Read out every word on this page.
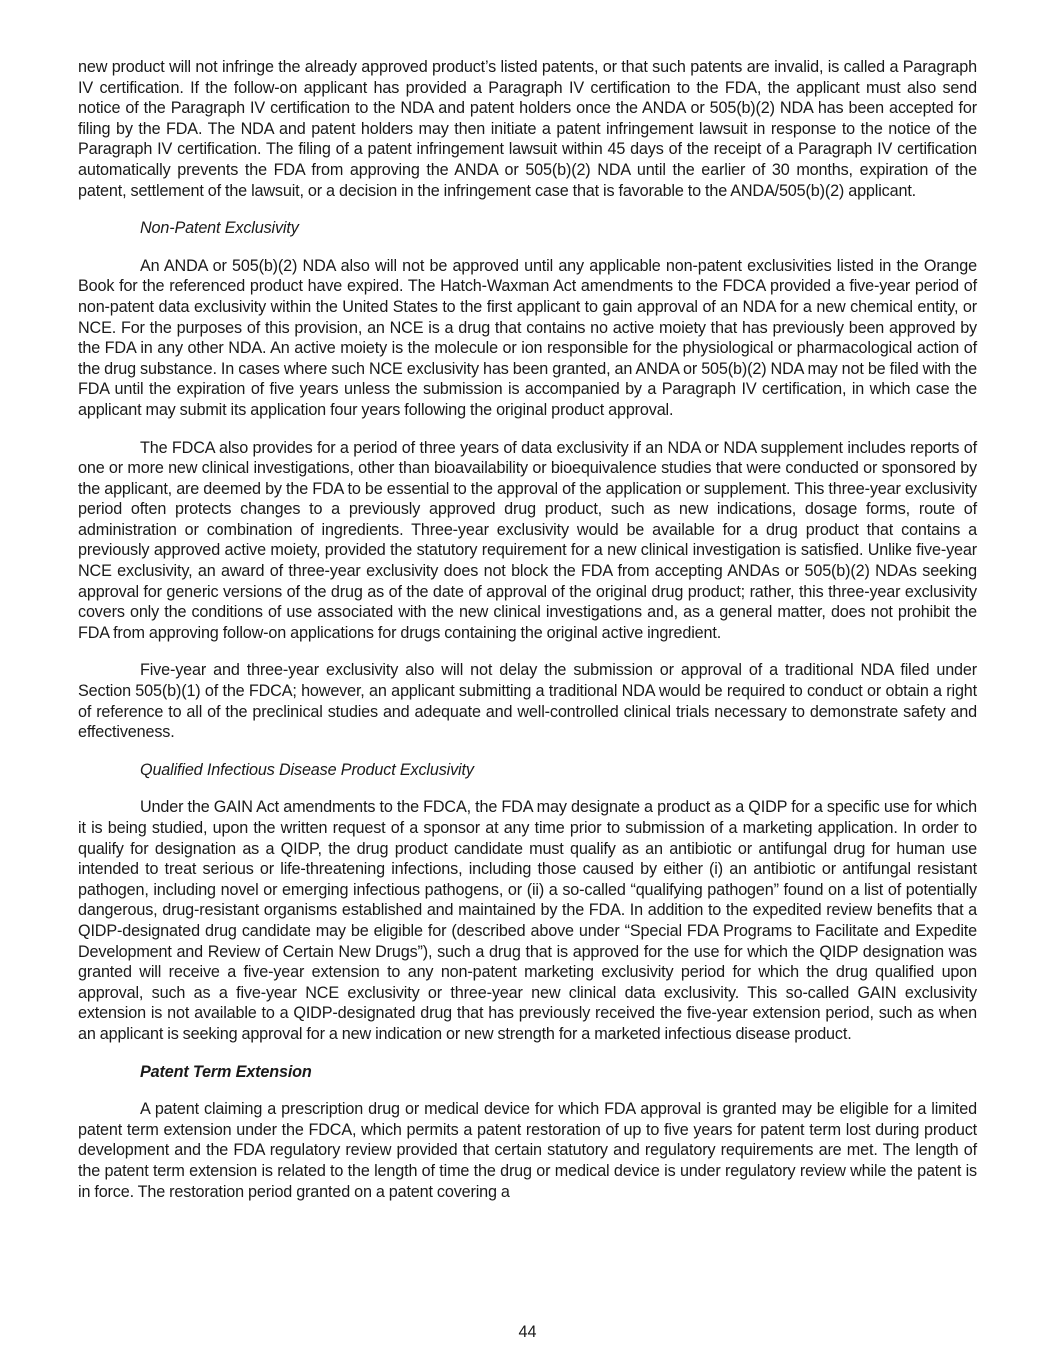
new product will not infringe the already approved product’s listed patents, or that such patents are invalid, is called a Paragraph IV certification. If the follow-on applicant has provided a Paragraph IV certification to the FDA, the applicant must also send notice of the Paragraph IV certification to the NDA and patent holders once the ANDA or 505(b)(2) NDA has been accepted for filing by the FDA. The NDA and patent holders may then initiate a patent infringement lawsuit in response to the notice of the Paragraph IV certification. The filing of a patent infringement lawsuit within 45 days of the receipt of a Paragraph IV certification automatically prevents the FDA from approving the ANDA or 505(b)(2) NDA until the earlier of 30 months, expiration of the patent, settlement of the lawsuit, or a decision in the infringement case that is favorable to the ANDA/505(b)(2) applicant.

Non-Patent Exclusivity

An ANDA or 505(b)(2) NDA also will not be approved until any applicable non-patent exclusivities listed in the Orange Book for the referenced product have expired. The Hatch-Waxman Act amendments to the FDCA provided a five-year period of non-patent data exclusivity within the United States to the first applicant to gain approval of an NDA for a new chemical entity, or NCE. For the purposes of this provision, an NCE is a drug that contains no active moiety that has previously been approved by the FDA in any other NDA. An active moiety is the molecule or ion responsible for the physiological or pharmacological action of the drug substance. In cases where such NCE exclusivity has been granted, an ANDA or 505(b)(2) NDA may not be filed with the FDA until the expiration of five years unless the submission is accompanied by a Paragraph IV certification, in which case the applicant may submit its application four years following the original product approval.

The FDCA also provides for a period of three years of data exclusivity if an NDA or NDA supplement includes reports of one or more new clinical investigations, other than bioavailability or bioequivalence studies that were conducted or sponsored by the applicant, are deemed by the FDA to be essential to the approval of the application or supplement. This three-year exclusivity period often protects changes to a previously approved drug product, such as new indications, dosage forms, route of administration or combination of ingredients. Three-year exclusivity would be available for a drug product that contains a previously approved active moiety, provided the statutory requirement for a new clinical investigation is satisfied. Unlike five-year NCE exclusivity, an award of three-year exclusivity does not block the FDA from accepting ANDAs or 505(b)(2) NDAs seeking approval for generic versions of the drug as of the date of approval of the original drug product; rather, this three-year exclusivity covers only the conditions of use associated with the new clinical investigations and, as a general matter, does not prohibit the FDA from approving follow-on applications for drugs containing the original active ingredient.

Five-year and three-year exclusivity also will not delay the submission or approval of a traditional NDA filed under Section 505(b)(1) of the FDCA; however, an applicant submitting a traditional NDA would be required to conduct or obtain a right of reference to all of the preclinical studies and adequate and well-controlled clinical trials necessary to demonstrate safety and effectiveness.

Qualified Infectious Disease Product Exclusivity

Under the GAIN Act amendments to the FDCA, the FDA may designate a product as a QIDP for a specific use for which it is being studied, upon the written request of a sponsor at any time prior to submission of a marketing application. In order to qualify for designation as a QIDP, the drug product candidate must qualify as an antibiotic or antifungal drug for human use intended to treat serious or life-threatening infections, including those caused by either (i) an antibiotic or antifungal resistant pathogen, including novel or emerging infectious pathogens, or (ii) a so-called “qualifying pathogen” found on a list of potentially dangerous, drug-resistant organisms established and maintained by the FDA. In addition to the expedited review benefits that a QIDP-designated drug candidate may be eligible for (described above under “Special FDA Programs to Facilitate and Expedite Development and Review of Certain New Drugs”), such a drug that is approved for the use for which the QIDP designation was granted will receive a five-year extension to any non-patent marketing exclusivity period for which the drug qualified upon approval, such as a five-year NCE exclusivity or three-year new clinical data exclusivity. This so-called GAIN exclusivity extension is not available to a QIDP-designated drug that has previously received the five-year extension period, such as when an applicant is seeking approval for a new indication or new strength for a marketed infectious disease product.

Patent Term Extension

A patent claiming a prescription drug or medical device for which FDA approval is granted may be eligible for a limited patent term extension under the FDCA, which permits a patent restoration of up to five years for patent term lost during product development and the FDA regulatory review provided that certain statutory and regulatory requirements are met. The length of the patent term extension is related to the length of time the drug or medical device is under regulatory review while the patent is in force. The restoration period granted on a patent covering a

44
